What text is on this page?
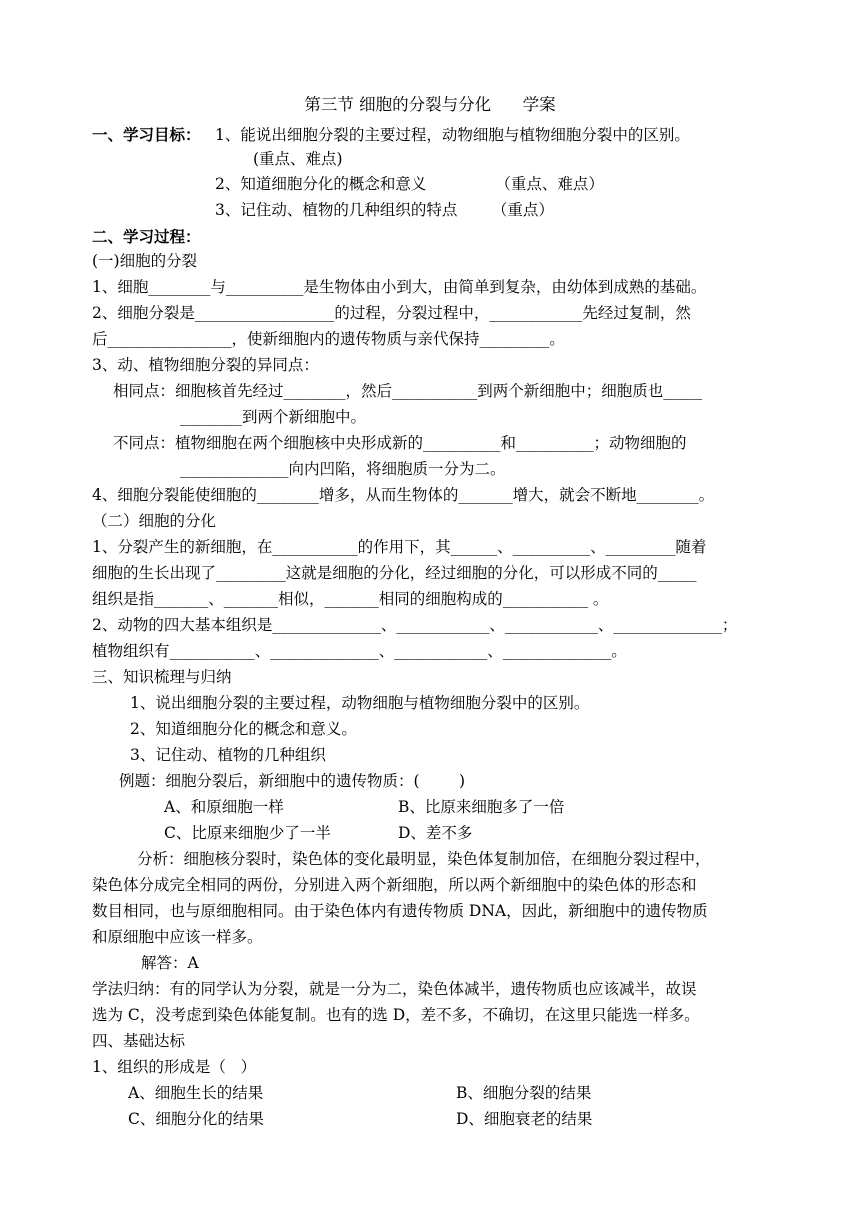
第三节 细胞的分裂与分化      学案
一、学习目标： 1、能说出细胞分裂的主要过程，动物细胞与植物细胞分裂中的区别。
(重点、难点)
2、知道细胞分化的概念和意义              （重点、难点）
3、记住动、植物的几种组织的特点       （重点）
二、学习过程：
(一)细胞的分裂
1、细胞________与__________是生物体由小到大，由简单到复杂，由幼体到成熟的基础。
2、细胞分裂是__________________的过程，分裂过程中，____________先经过复制，然
后________________，使新细胞内的遗传物质与亲代保持_________。
3、动、植物细胞分裂的异同点：
相同点：细胞核首先经过________，然后___________到两个新细胞中；细胞质也_____
________到两个新细胞中。
不同点：植物细胞在两个细胞核中央形成新的__________和__________；动物细胞的
______________向内凹陷，将细胞质一分为二。
4、细胞分裂能使细胞的________增多，从而生物体的_______增大，就会不断地________。
（二）细胞的分化
1、分裂产生的新细胞，在___________的作用下，其______、__________、_________随着
细胞的生长出现了_________这就是细胞的分化，经过细胞的分化，可以形成不同的_____
组织是指_______、_______相似，_______相同的细胞构成的___________ 。
2、动物的四大基本组织是______________、____________、____________、______________；
植物组织有___________、______________、____________、______________。
三、知识梳理与归纳
1、说出细胞分裂的主要过程，动物细胞与植物细胞分裂中的区别。
2、知道细胞分化的概念和意义。
3、记住动、植物的几种组织
例题：细胞分裂后，新细胞中的遗传物质：(        )
A、和原细胞一样	B、比原来细胞多了一倍
C、比原来细胞少了一半	D、差不多
分析：细胞核分裂时，染色体的变化最明显，染色体复制加倍，在细胞分裂过程中，
染色体分成完全相同的两份，分别进入两个新细胞，所以两个新细胞中的染色体的形态和
数目相同，也与原细胞相同。由于染色体内有遗传物质 DNA，因此，新细胞中的遗传物质
和原细胞中应该一样多。
解答：A
学法归纳：有的同学认为分裂，就是一分为二，染色体减半，遗传物质也应该减半，故误
选为 C，没考虑到染色体能复制。也有的选 D，差不多，不确切，在这里只能选一样多。
四、基础达标
1、组织的形成是（   ）
A、细胞生长的结果	B、细胞分裂的结果
C、细胞分化的结果	D、细胞衰老的结果
